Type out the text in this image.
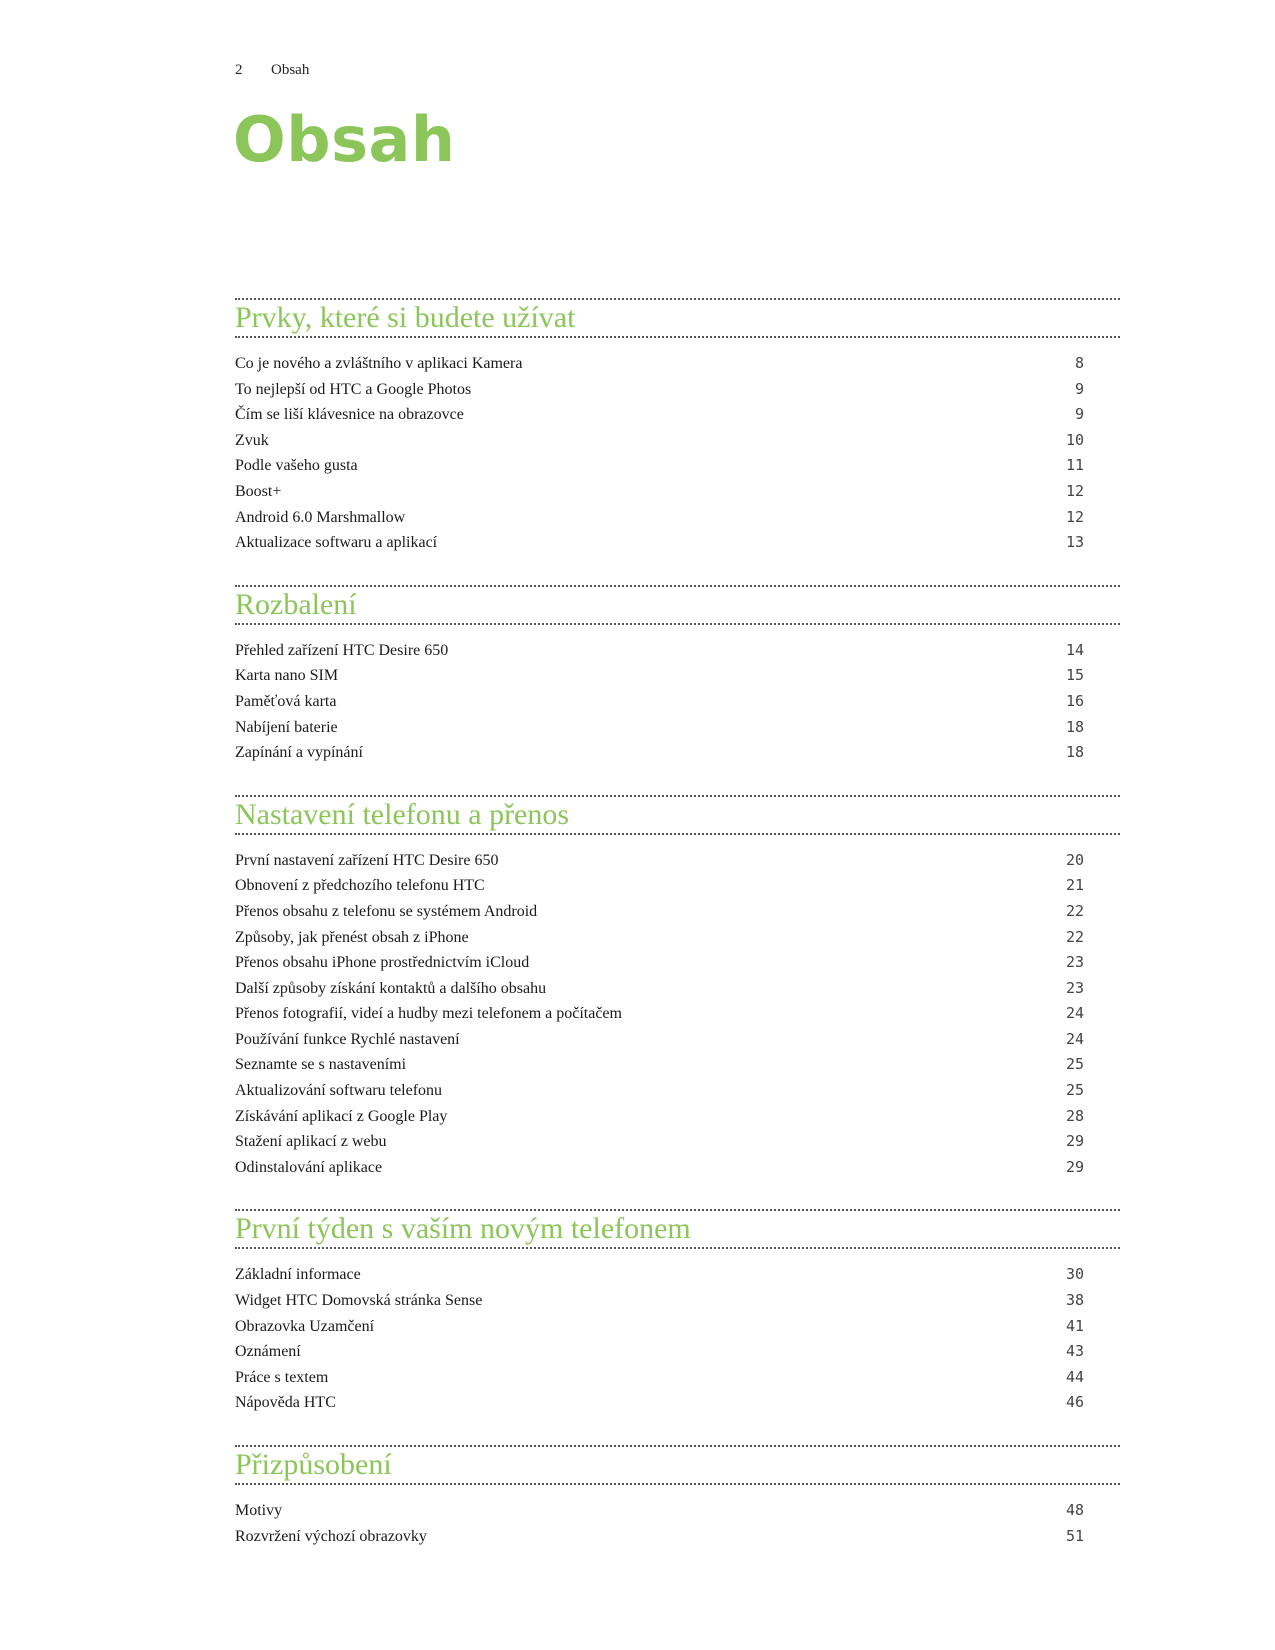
2 Obsah
Obsah
Prvky, které si budete užívat
Co je nového a zvláštního v aplikaci Kamera	8
To nejlepší od HTC a Google Photos	9
Čím se liší klávesnice na obrazovce	9
Zvuk	10
Podle vašeho gusta	11
Boost+	12
Android 6.0 Marshmallow	12
Aktualizace softwaru a aplikací	13
Rozbalení
Přehled zařízení HTC Desire 650	14
Karta nano SIM	15
Paměťová karta	16
Nabíjení baterie	18
Zapínání a vypínání	18
Nastavení telefonu a přenos
První nastavení zařízení HTC Desire 650	20
Obnovení z předchozího telefonu HTC	21
Přenos obsahu z telefonu se systémem Android	22
Způsoby, jak přenést obsah z iPhone	22
Přenos obsahu iPhone prostřednictvím iCloud	23
Další způsoby získání kontaktů a dalšího obsahu	23
Přenos fotografií, videí a hudby mezi telefonem a počítačem	24
Používání funkce Rychlé nastavení	24
Seznamte se s nastaveními	25
Aktualizování softwaru telefonu	25
Získávání aplikací z Google Play	28
Stažení aplikací z webu	29
Odinstalování aplikace	29
První týden s vaším novým telefonem
Základní informace	30
Widget HTC Domovská stránka Sense	38
Obrazovka Uzamčení	41
Oznámení	43
Práce s textem	44
Nápověda HTC	46
Přizpůsobení
Motivy	48
Rozvržení výchozí obrazovky	51
